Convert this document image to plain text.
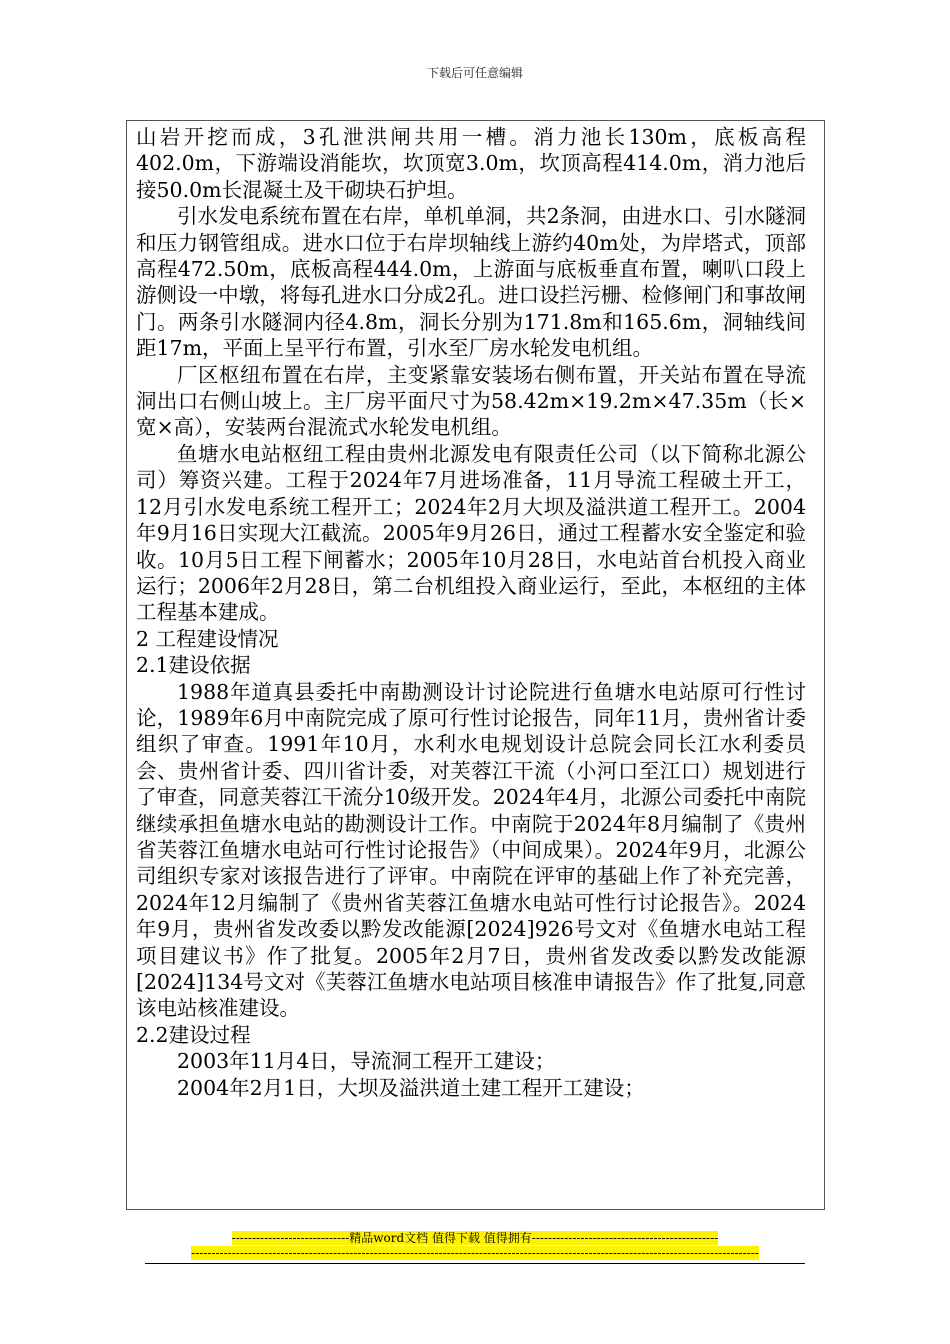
下载后可任意编辑

山岩开挖而成，3孔泄洪闸共用一槽。消力池长130m，底板高程402.0m，下游端设消能坎，坎顶宽3.0m，坎顶高程414.0m，消力池后接50.0m长混凝土及干砌块石护坦。

引水发电系统布置在右岸，单机单洞，共2条洞，由进水口、引水隧洞和压力钢管组成。进水口位于右岸坝轴线上游约40m处，为岸塔式，顶部高程472.50m，底板高程444.0m，上游面与底板垂直布置，喇叭口段上游侧设一中墩，将每孔进水口分成2孔。进口设拦污栅、检修闸门和事故闸门。两条引水隧洞内径4.8m，洞长分别为171.8m和165.6m，洞轴线间距17m，平面上呈平行布置，引水至厂房水轮发电机组。

厂区枢纽布置在右岸，主变紧靠安装场右侧布置，开关站布置在导流洞出口右侧山坡上。主厂房平面尺寸为58.42m×19.2m×47.35m（长×宽×高），安装两台混流式水轮发电机组。

鱼塘水电站枢纽工程由贵州北源发电有限责任公司（以下简称北源公司）筹资兴建。工程于2024年7月进场准备，11月导流工程破土开工，12月引水发电系统工程开工；2024年2月大坝及溢洪道工程开工。2004年9月16日实现大江截流。2005年9月26日，通过工程蓄水安全鉴定和验收。10月5日工程下闸蓄水；2005年10月28日，水电站首台机投入商业运行；2006年2月28日，第二台机组投入商业运行，至此，本枢纽的主体工程基本建成。

2 工程建设情况
2.1建设依据

1988年道真县委托中南勘测设计讨论院进行鱼塘水电站原可行性讨论，1989年6月中南院完成了原可行性讨论报告，同年11月，贵州省计委组织了审查。1991年10月，水利水电规划设计总院会同长江水利委员会、贵州省计委、四川省计委，对芙蓉江干流（小河口至江口）规划进行了审查，同意芙蓉江干流分10级开发。2024年4月，北源公司委托中南院继续承担鱼塘水电站的勘测设计工作。中南院于2024年8月编制了《贵州省芙蓉江鱼塘水电站可行性讨论报告》（中间成果）。2024年9月，北源公司组织专家对该报告进行了评审。中南院在评审的基础上作了补充完善，2024年12月编制了《贵州省芙蓉江鱼塘水电站可性行讨论报告》。2024年9月，贵州省发改委以黔发改能源[2024]926号文对《鱼塘水电站工程项目建议书》作了批复。2005年2月7日，贵州省发改委以黔发改能源[2024]134号文对《芙蓉江鱼塘水电站项目核准申请报告》作了批复,同意该电站核准建设。

2.2建设过程

2003年11月4日，导流洞工程开工建设；

2004年2月1日，大坝及溢洪道土建工程开工建设；

-----------------------------精品word文档 值得下载 值得拥有----------------------------------------------
--------------------------------------------------------------------------------------------------------------------------------------------
